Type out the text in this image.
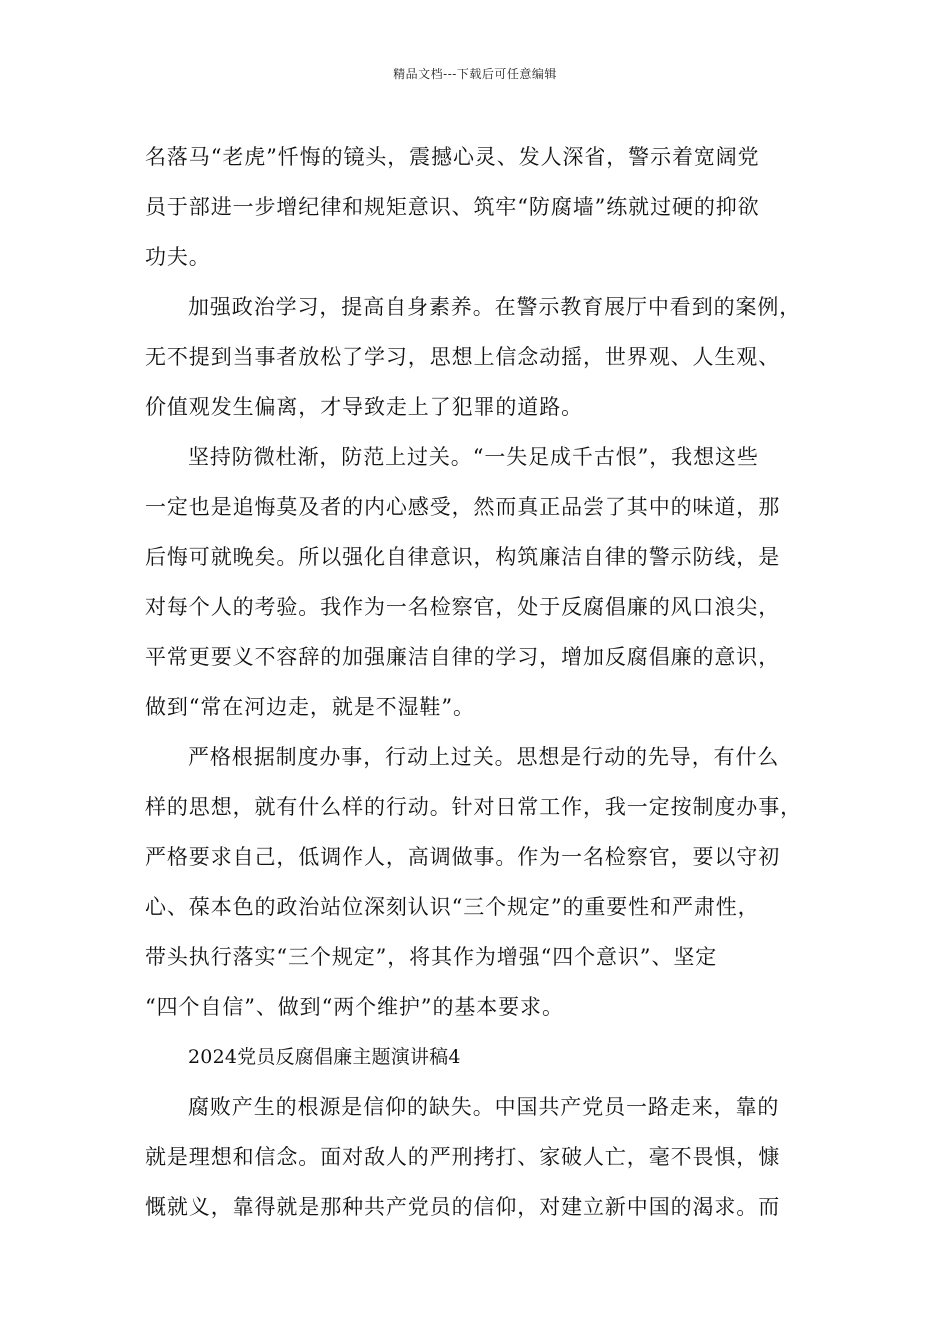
精品文档---下载后可任意编辑
名落马“老虎”忏悔的镜头，震撼心灵、发人深省，警示着宽阔党
员于部进一步增纪律和规矩意识、筑牢“防腐墙”练就过硬的抑欲
功夫。
加强政治学习，提高自身素养。在警示教育展厅中看到的案例，
无不提到当事者放松了学习，思想上信念动摇，世界观、人生观、
价值观发生偏离，才导致走上了犯罪的道路。
坚持防微杜渐，防范上过关。“一失足成千古恨”，我想这些
一定也是追悔莫及者的内心感受，然而真正品尝了其中的味道，那
后悔可就晚矣。所以强化自律意识，构筑廉洁自律的警示防线，是
对每个人的考验。我作为一名检察官，处于反腐倡廉的风口浪尖，
平常更要义不容辞的加强廉洁自律的学习，增加反腐倡廉的意识，
做到“常在河边走，就是不湿鞋”。
严格根据制度办事，行动上过关。思想是行动的先导，有什么
样的思想，就有什么样的行动。针对日常工作，我一定按制度办事，
严格要求自己，低调作人，高调做事。作为一名检察官，要以守初
心、葆本色的政治站位深刻认识“三个规定”的重要性和严肃性，
带头执行落实“三个规定”，将其作为增强“四个意识”、坚定
“四个自信”、做到“两个维护”的基本要求。
2024党员反腐倡廉主题演讲稿4
腐败产生的根源是信仰的缺失。中国共产党员一路走来，靠的
就是理想和信念。面对敌人的严刑拷打、家破人亡，毫不畏惧，慷
慨就义，靠得就是那种共产党员的信仰，对建立新中国的渴求。而
